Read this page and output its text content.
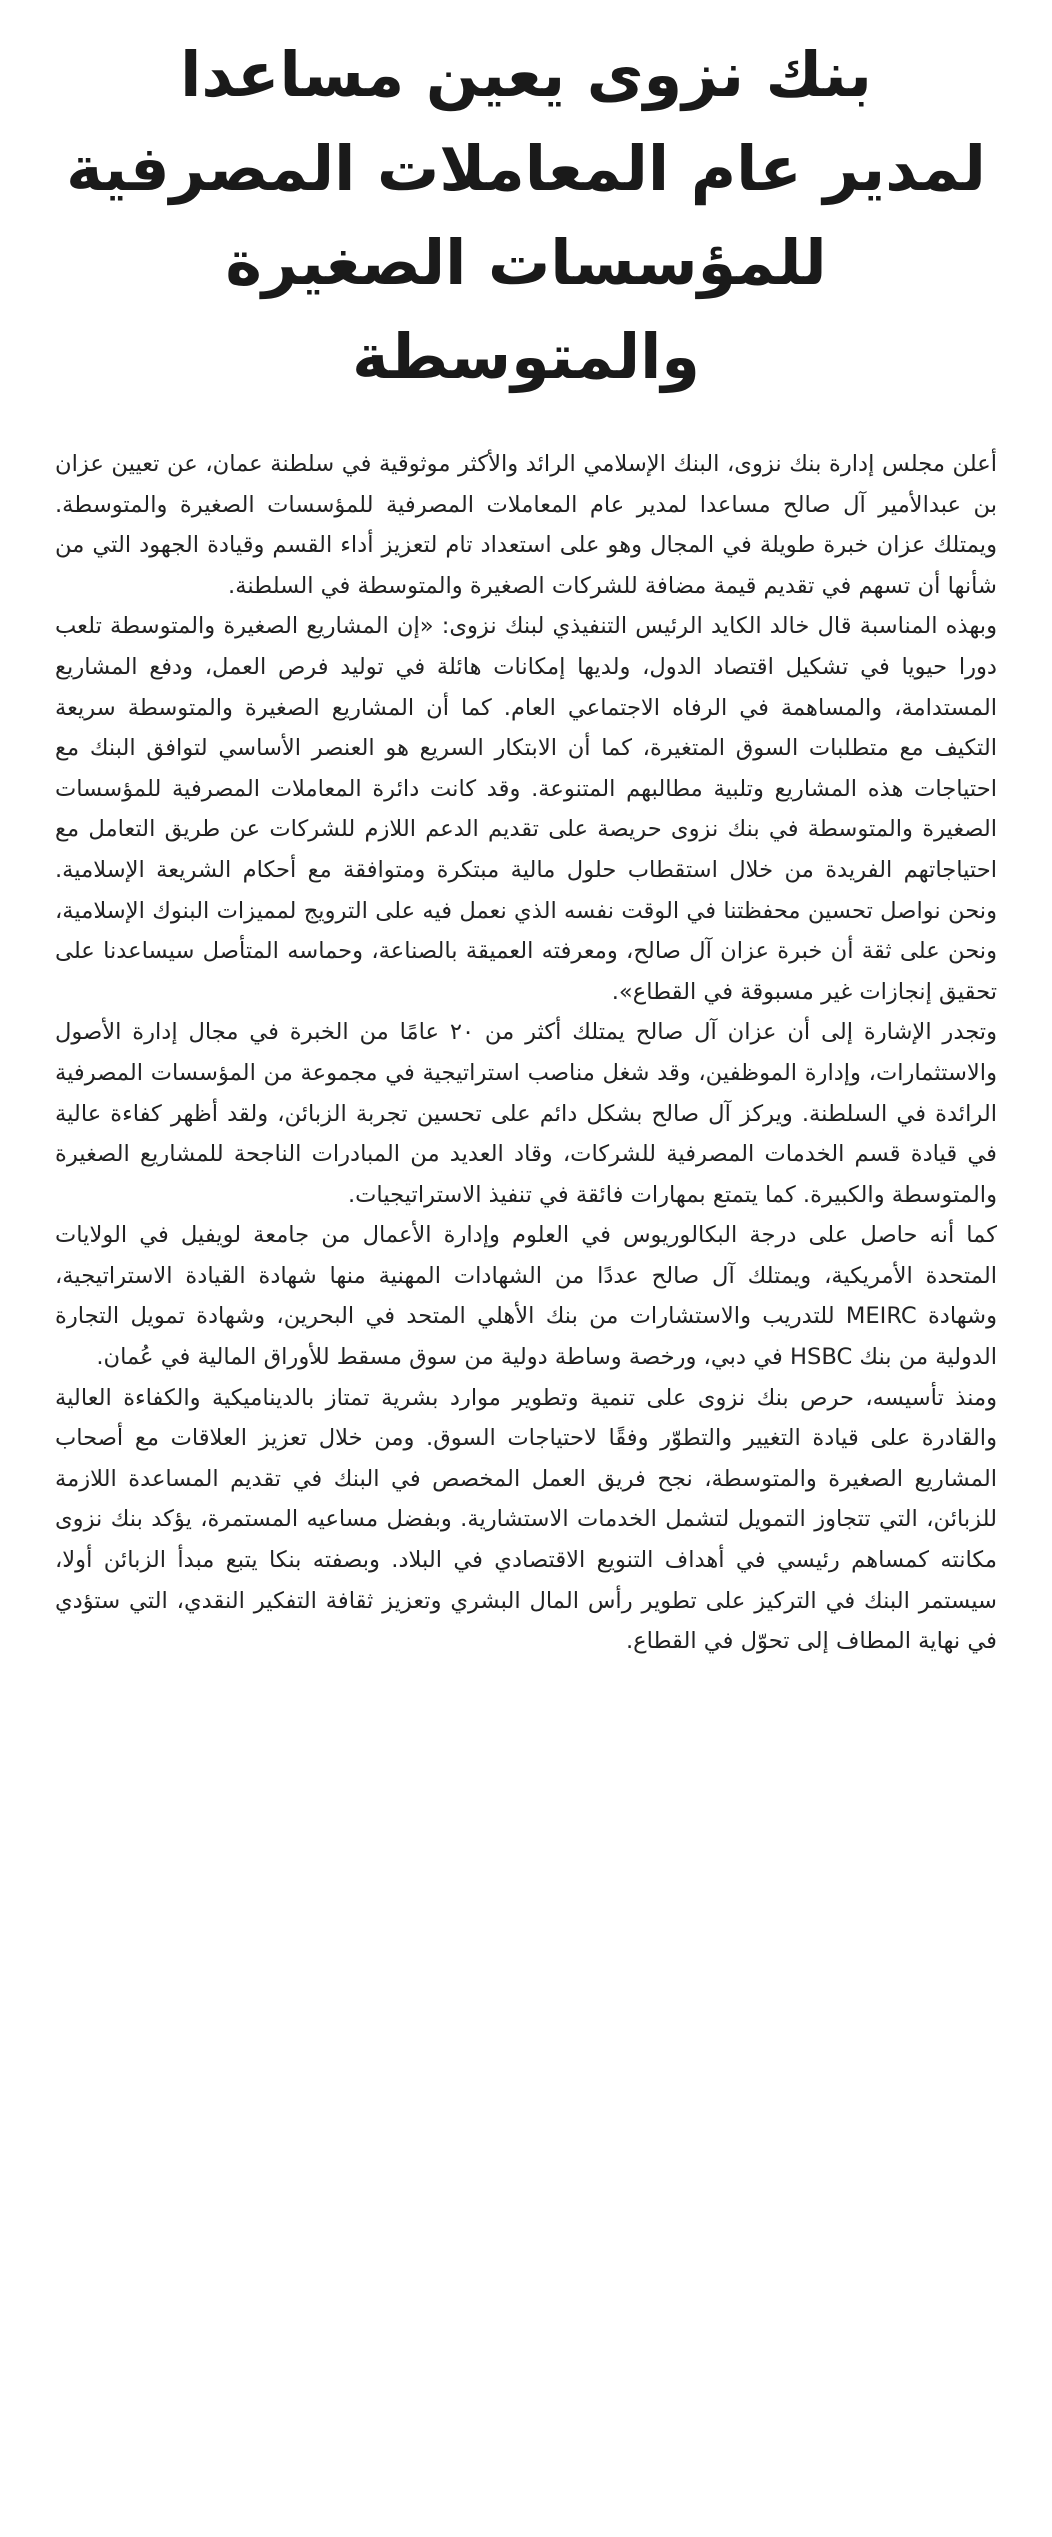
بنك نزوى يعين مساعدا
لمدير عام المعاملات المصرفية
للمؤسسات الصغيرة والمتوسطة

أعلن مجلس إدارة بنك نزوى، البنك الإسلامي الرائد والأكثر موثوقية في سلطنة عمان، عن تعيين عزان بن عبدالأمير آل صالح مساعدا لمدير عام المعاملات المصرفية للمؤسسات الصغيرة والمتوسطة. ويمتلك عزان خبرة طويلة في المجال وهو على استعداد تام لتعزيز أداء القسم وقيادة الجهود التي من شأنها أن تسهم في تقديم قيمة مضافة للشركات الصغيرة والمتوسطة في السلطنة.

وبهذه المناسبة قال خالد الكايد الرئيس التنفيذي لبنك نزوى: «إن المشاريع الصغيرة والمتوسطة تلعب دورا حيويا في تشكيل اقتصاد الدول، ولديها إمكانات هائلة في توليد فرص العمل، ودفع المشاريع المستدامة، والمساهمة في الرفاه الاجتماعي العام. كما أن المشاريع الصغيرة والمتوسطة سريعة التكيف مع متطلبات السوق المتغيرة، كما أن الابتكار السريع هو العنصر الأساسي لتوافق البنك مع احتياجات هذه المشاريع وتلبية مطالبهم المتنوعة. وقد كانت دائرة المعاملات المصرفية للمؤسسات الصغيرة والمتوسطة في بنك نزوى حريصة على تقديم الدعم اللازم للشركات عن طريق التعامل مع احتياجاتهم الفريدة من خلال استقطاب حلول مالية مبتكرة ومتوافقة مع أحكام الشريعة الإسلامية. ونحن نواصل تحسين محفظتنا في الوقت نفسه الذي نعمل فيه على الترويج لمميزات البنوك الإسلامية، ونحن على ثقة أن خبرة عزان آل صالح، ومعرفته العميقة بالصناعة، وحماسه المتأصل سيساعدنا على تحقيق إنجازات غير مسبوقة في القطاع».

وتجدر الإشارة إلى أن عزان آل صالح يمتلك أكثر من ٢٠ عامًا من الخبرة في مجال إدارة الأصول والاستثمارات، وإدارة الموظفين، وقد شغل مناصب استراتيجية في مجموعة من المؤسسات المصرفية الرائدة في السلطنة. ويركز آل صالح بشكل دائم على تحسين تجربة الزبائن، ولقد أظهر كفاءة عالية في قيادة قسم الخدمات المصرفية للشركات، وقاد العديد من المبادرات الناجحة للمشاريع الصغيرة والمتوسطة والكبيرة. كما يتمتع بمهارات فائقة في تنفيذ الاستراتيجيات.

كما أنه حاصل على درجة البكالوريوس في العلوم وإدارة الأعمال من جامعة لويفيل في الولايات المتحدة الأمريكية، ويمتلك آل صالح عددًا من الشهادات المهنية منها شهادة القيادة الاستراتيجية، وشهادة MEIRC للتدريب والاستشارات من بنك الأهلي المتحد في البحرين، وشهادة تمويل التجارة الدولية من بنك HSBC في دبي، ورخصة وساطة دولية من سوق مسقط للأوراق المالية في عُمان.

ومنذ تأسيسه، حرص بنك نزوى على تنمية وتطوير موارد بشرية تمتاز بالديناميكية والكفاءة العالية والقادرة على قيادة التغيير والتطوّر وفقًا لاحتياجات السوق. ومن خلال تعزيز العلاقات مع أصحاب المشاريع الصغيرة والمتوسطة، نجح فريق العمل المخصص في البنك في تقديم المساعدة اللازمة للزبائن، التي تتجاوز التمويل لتشمل الخدمات الاستشارية. وبفضل مساعيه المستمرة، يؤكد بنك نزوى مكانته كمساهم رئيسي في أهداف التنويع الاقتصادي في البلاد. وبصفته بنكا يتبع مبدأ الزبائن أولا، سيستمر البنك في التركيز على تطوير رأس المال البشري وتعزيز ثقافة التفكير النقدي، التي ستؤدي في نهاية المطاف إلى تحوّل في القطاع.
